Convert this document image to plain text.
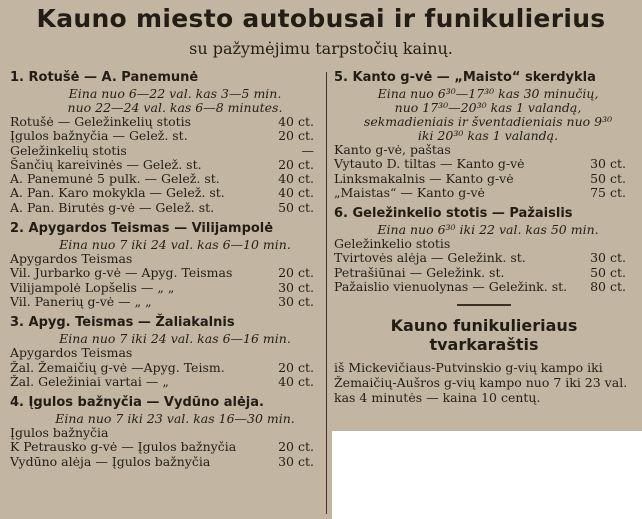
Kauno miesto autobusai ir funikulierius
su pažymėjimu tarpstočių kainų.
1. Rotušė — A. Panemunė
Eina nuo 6—22 val. kas 3—5 min.
nuo 22—24 val. kas 6—8 minutes.
Rotušė — Geležinkelių stotis	40 ct.
Įgulos bažnyčia — Gelež. st.	20 ct.
Geležinkelių stotis	—
Šančių kareivinės — Gelež. st.	20 ct.
A. Panemunė 5 pulk. — Gelež. st.	40 ct.
A. Pan. Karo mokykla — Gelež. st.	40 ct.
A. Pan. Birutės g-vė — Gelež. st.	50 ct.
2. Apygardos Teismas — Vilijampolė
Eina nuo 7 iki 24 val. kas 6—10 min.
Apygardos Teismas
Vil. Jurbarko g-vė — Apyg. Teismas	20 ct.
Vilijampolė Lopšelis — „ „	30 ct.
Vil. Panerių g-vė — „ „	30 ct.
3. Apyg. Teismas — Žaliakalnis
Eina nuo 7 iki 24 val. kas 6—16 min.
Apygardos Teismas
Žal. Žemaičių g-vė —Apyg. Teism.	20 ct.
Žal. Geležiniai vartai — „	40 ct.
4. Įgulos bažnyčia — Vydūno alėja.
Eina nuo 7 iki 23 val. kas 16—30 min.
Įgulos bažnyčia
K Petrausko g-vė — Įgulos bažnyčia	20 ct.
Vydūno alėja — Įgulos bažnyčia	30 ct.
5. Kanto g-vė — „Maisto“ skerdykla
Eina nuo 6³⁰—17³⁰ kas 30 minučių,
nuo 17³⁰—20³⁰ kas 1 valandą,
sekmadieniais ir šventadieniais nuo 9³⁰
iki 20³⁰ kas 1 valandą.
Kanto g-vė, paštas
Vytauto D. tiltas — Kanto g-vė	30 ct.
Linksmakalnis — Kanto g-vė	50 ct.
„Maistas“ — Kanto g-vė	75 ct.
6. Geležinkelio stotis — Pažaislis
Eina nuo 6³⁰ iki 22 val. kas 50 min.
Geležinkelio stotis
Tvirtovės alėja — Geležink. st.	30 ct.
Petrašiūnai — Geležink. st.	50 ct.
Pažaislio vienuolynas — Geležink. st. 80 ct.
Kauno funikulieriaus
tvarkaraštis
iš Mickevičiaus-Putvinskio g-vių kampo iki Žemaičių-Aušros g-vių kampo nuo 7 iki 23 val. kas 4 minutės — kaina 10 centų.
